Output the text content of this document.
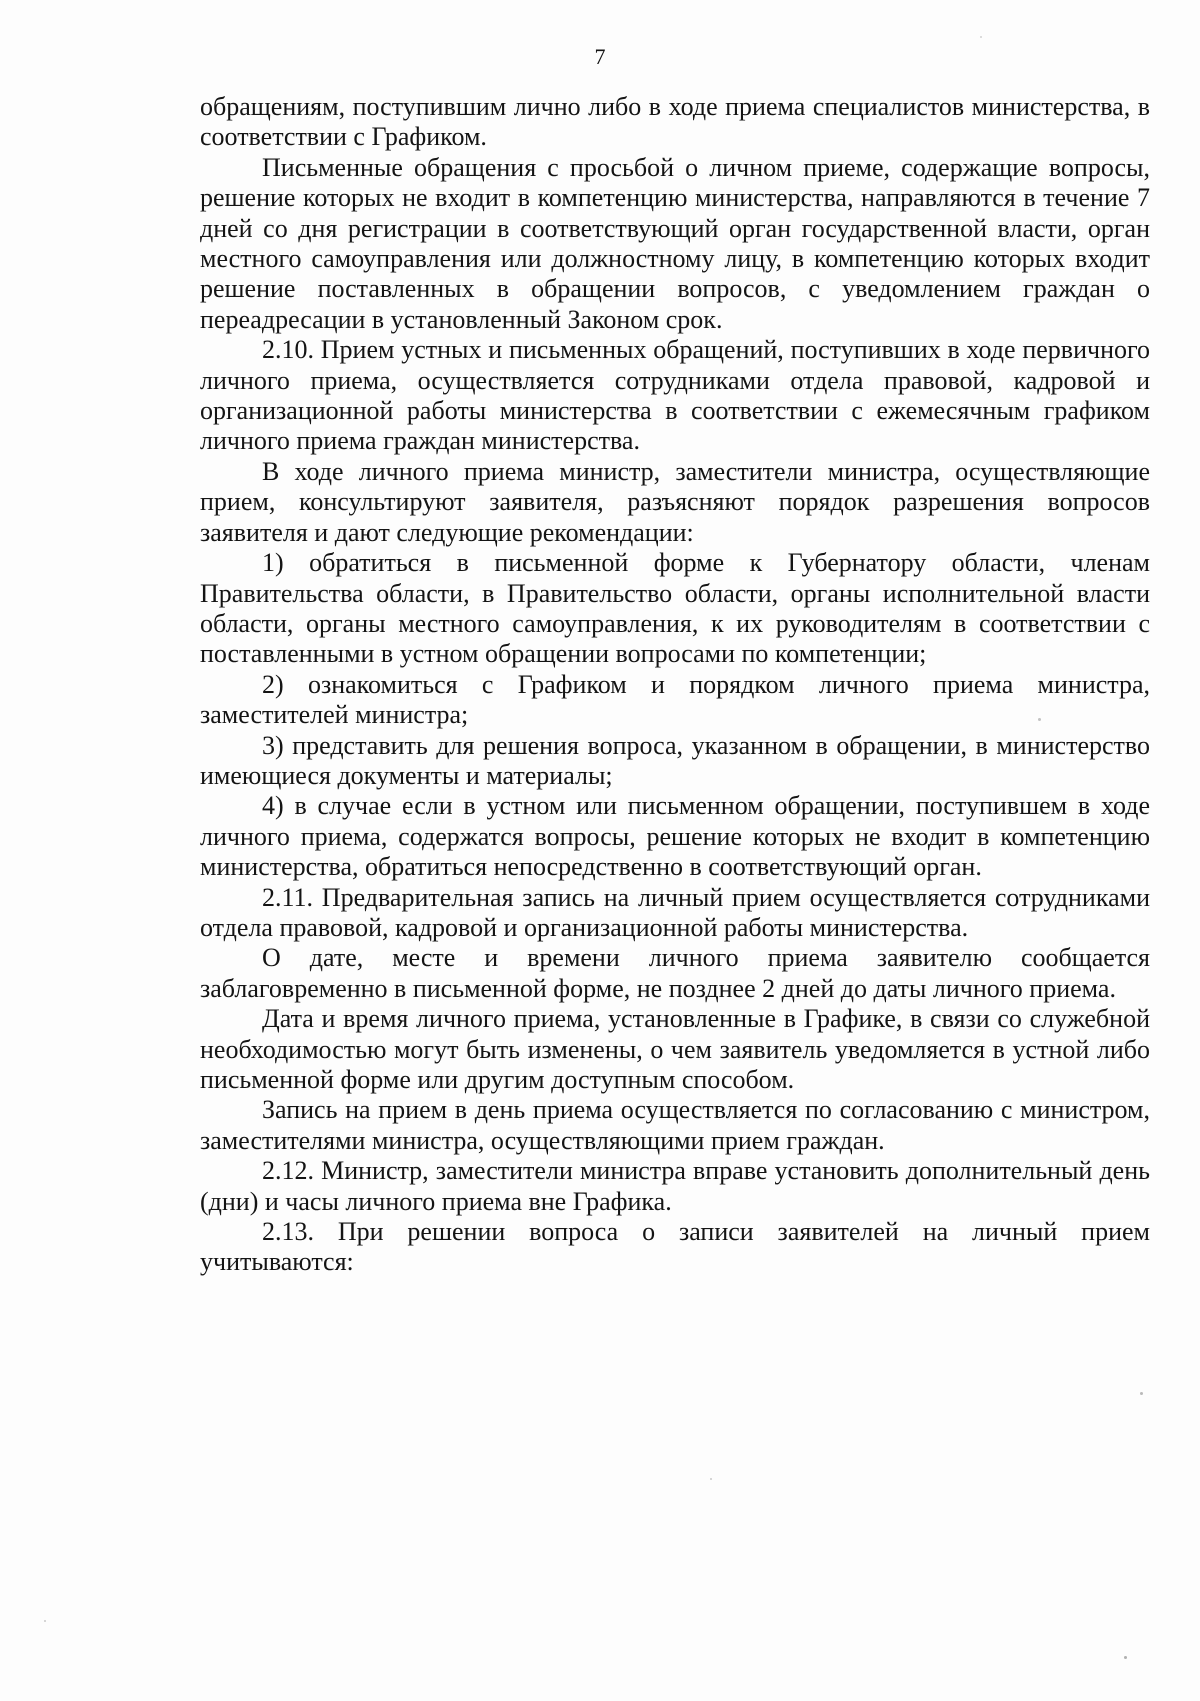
7

обращениям, поступившим лично либо в ходе приема специалистов министерства, в соответствии с Графиком.

Письменные обращения с просьбой о личном приеме, содержащие вопросы, решение которых не входит в компетенцию министерства, направляются в течение 7 дней со дня регистрации в соответствующий орган государственной власти, орган местного самоуправления или должностному лицу, в компетенцию которых входит решение поставленных в обращении вопросов, с уведомлением граждан о переадресации в установленный Законом срок.

2.10. Прием устных и письменных обращений, поступивших в ходе первичного личного приема, осуществляется сотрудниками отдела правовой, кадровой и организационной работы министерства в соответствии с ежемесячным графиком личного приема граждан министерства.

В ходе личного приема министр, заместители министра, осуществляющие прием, консультируют заявителя, разъясняют порядок разрешения вопросов заявителя и дают следующие рекомендации:

1) обратиться в письменной форме к Губернатору области, членам Правительства области, в Правительство области, органы исполнительной власти области, органы местного самоуправления, к их руководителям в соответствии с поставленными в устном обращении вопросами по компетенции;

2) ознакомиться с Графиком и порядком личного приема министра, заместителей министра;

3) представить для решения вопроса, указанном в обращении, в министерство имеющиеся документы и материалы;

4) в случае если в устном или письменном обращении, поступившем в ходе личного приема, содержатся вопросы, решение которых не входит в компетенцию министерства, обратиться непосредственно в соответствующий орган.

2.11. Предварительная запись на личный прием осуществляется сотрудниками отдела правовой, кадровой и организационной работы министерства.

О дате, месте и времени личного приема заявителю сообщается заблаговременно в письменной форме, не позднее 2 дней до даты личного приема.

Дата и время личного приема, установленные в Графике, в связи со служебной необходимостью могут быть изменены, о чем заявитель уведомляется в устной либо письменной форме или другим доступным способом.

Запись на прием в день приема осуществляется по согласованию с министром, заместителями министра, осуществляющими прием граждан.

2.12. Министр, заместители министра вправе установить дополнительный день (дни) и часы личного приема вне Графика.

2.13. При решении вопроса о записи заявителей на личный прием учитываются:
